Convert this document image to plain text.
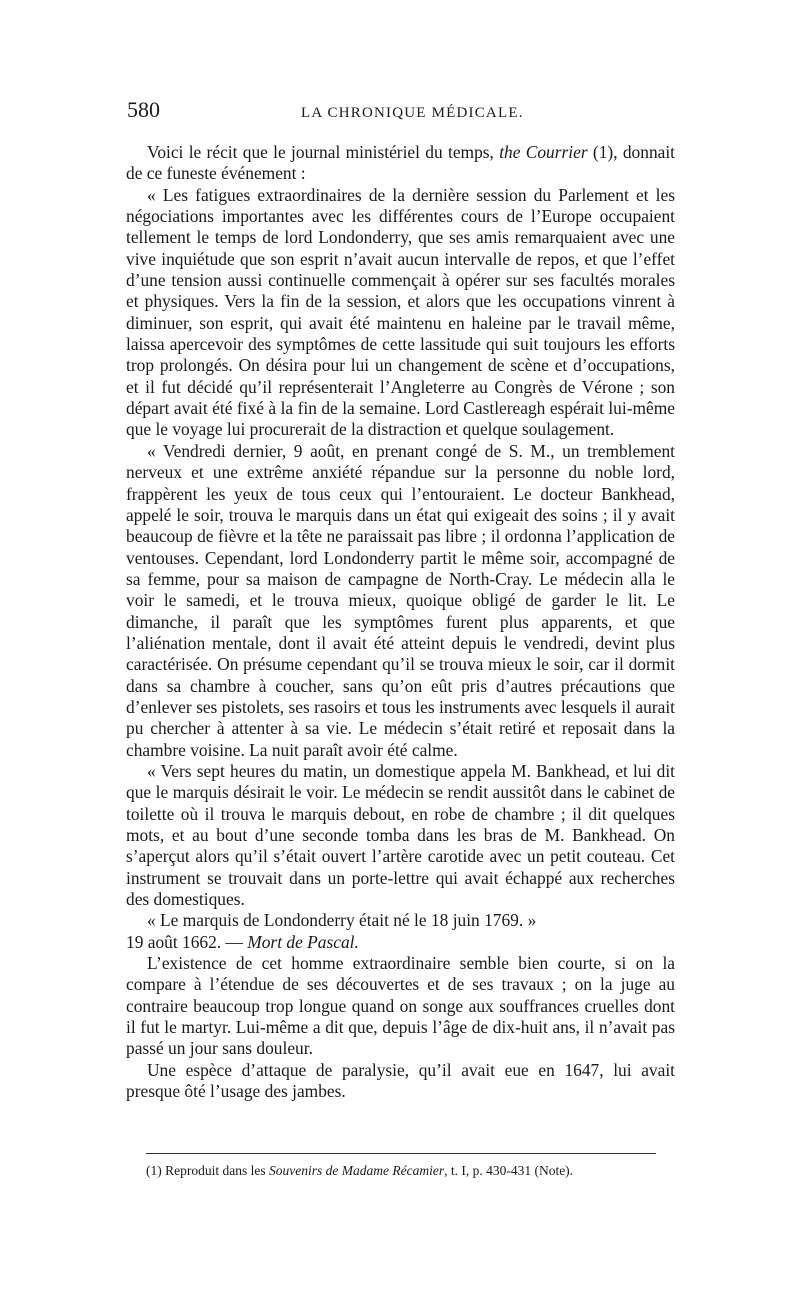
580	LA CHRONIQUE MÉDICALE.

Voici le récit que le journal ministériel du temps, the Courrier (1), donnait de ce funeste événement :

« Les fatigues extraordinaires de la dernière session du Parlement et les négociations importantes avec les différentes cours de l’Europe occupaient tellement le temps de lord Londonderry, que ses amis remarquaient avec une vive inquiétude que son esprit n’avait aucun intervalle de repos, et que l’effet d’une tension aussi continuelle commençait à opérer sur ses facultés morales et physiques. Vers la fin de la session, et alors que les occupations vinrent à diminuer, son esprit, qui avait été maintenu en haleine par le travail même, laissa apercevoir des symptômes de cette lassitude qui suit toujours les efforts trop prolongés. On désira pour lui un changement de scène et d’occupations, et il fut décidé qu’il représenterait l’Angleterre au Congrès de Vérone ; son départ avait été fixé à la fin de la semaine. Lord Castlereagh espérait lui-même que le voyage lui procurerait de la distraction et quelque soulagement.

« Vendredi dernier, 9 août, en prenant congé de S. M., un tremblement nerveux et une extrême anxiété répandue sur la personne du noble lord, frappèrent les yeux de tous ceux qui l’entouraient. Le docteur Bankhead, appelé le soir, trouva le marquis dans un état qui exigeait des soins ; il y avait beaucoup de fièvre et la tête ne paraissait pas libre ; il ordonna l’application de ventouses. Cependant, lord Londonderry partit le même soir, accompagné de sa femme, pour sa maison de campagne de North-Cray. Le médecin alla le voir le samedi, et le trouva mieux, quoique obligé de garder le lit. Le dimanche, il paraît que les symptômes furent plus apparents, et que l’aliénation mentale, dont il avait été atteint depuis le vendredi, devint plus caractérisée. On présume cependant qu’il se trouva mieux le soir, car il dormit dans sa chambre à coucher, sans qu’on eût pris d’autres précautions que d’enlever ses pistolets, ses rasoirs et tous les instruments avec lesquels il aurait pu chercher à attenter à sa vie. Le médecin s’était retiré et reposait dans la chambre voisine. La nuit paraît avoir été calme.

« Vers sept heures du matin, un domestique appela M. Bankhead, et lui dit que le marquis désirait le voir. Le médecin se rendit aussitôt dans le cabinet de toilette où il trouva le marquis debout, en robe de chambre ; il dit quelques mots, et au bout d’une seconde tomba dans les bras de M. Bankhead. On s’aperçut alors qu’il s’était ouvert l’artère carotide avec un petit couteau. Cet instrument se trouvait dans un porte-lettre qui avait échappé aux recherches des domestiques.

« Le marquis de Londonderry était né le 18 juin 1769. »

19 août 1662. — Mort de Pascal.

L’existence de cet homme extraordinaire semble bien courte, si on la compare à l’étendue de ses découvertes et de ses travaux ; on la juge au contraire beaucoup trop longue quand on songe aux souffrances cruelles dont il fut le martyr. Lui-même a dit que, depuis l’âge de dix-huit ans, il n’avait pas passé un jour sans douleur.

Une espèce d’attaque de paralysie, qu’il avait eue en 1647, lui avait presque ôté l’usage des jambes.

(1) Reproduit dans les Souvenirs de Madame Récamier, t. I, p. 430-431 (Note).
